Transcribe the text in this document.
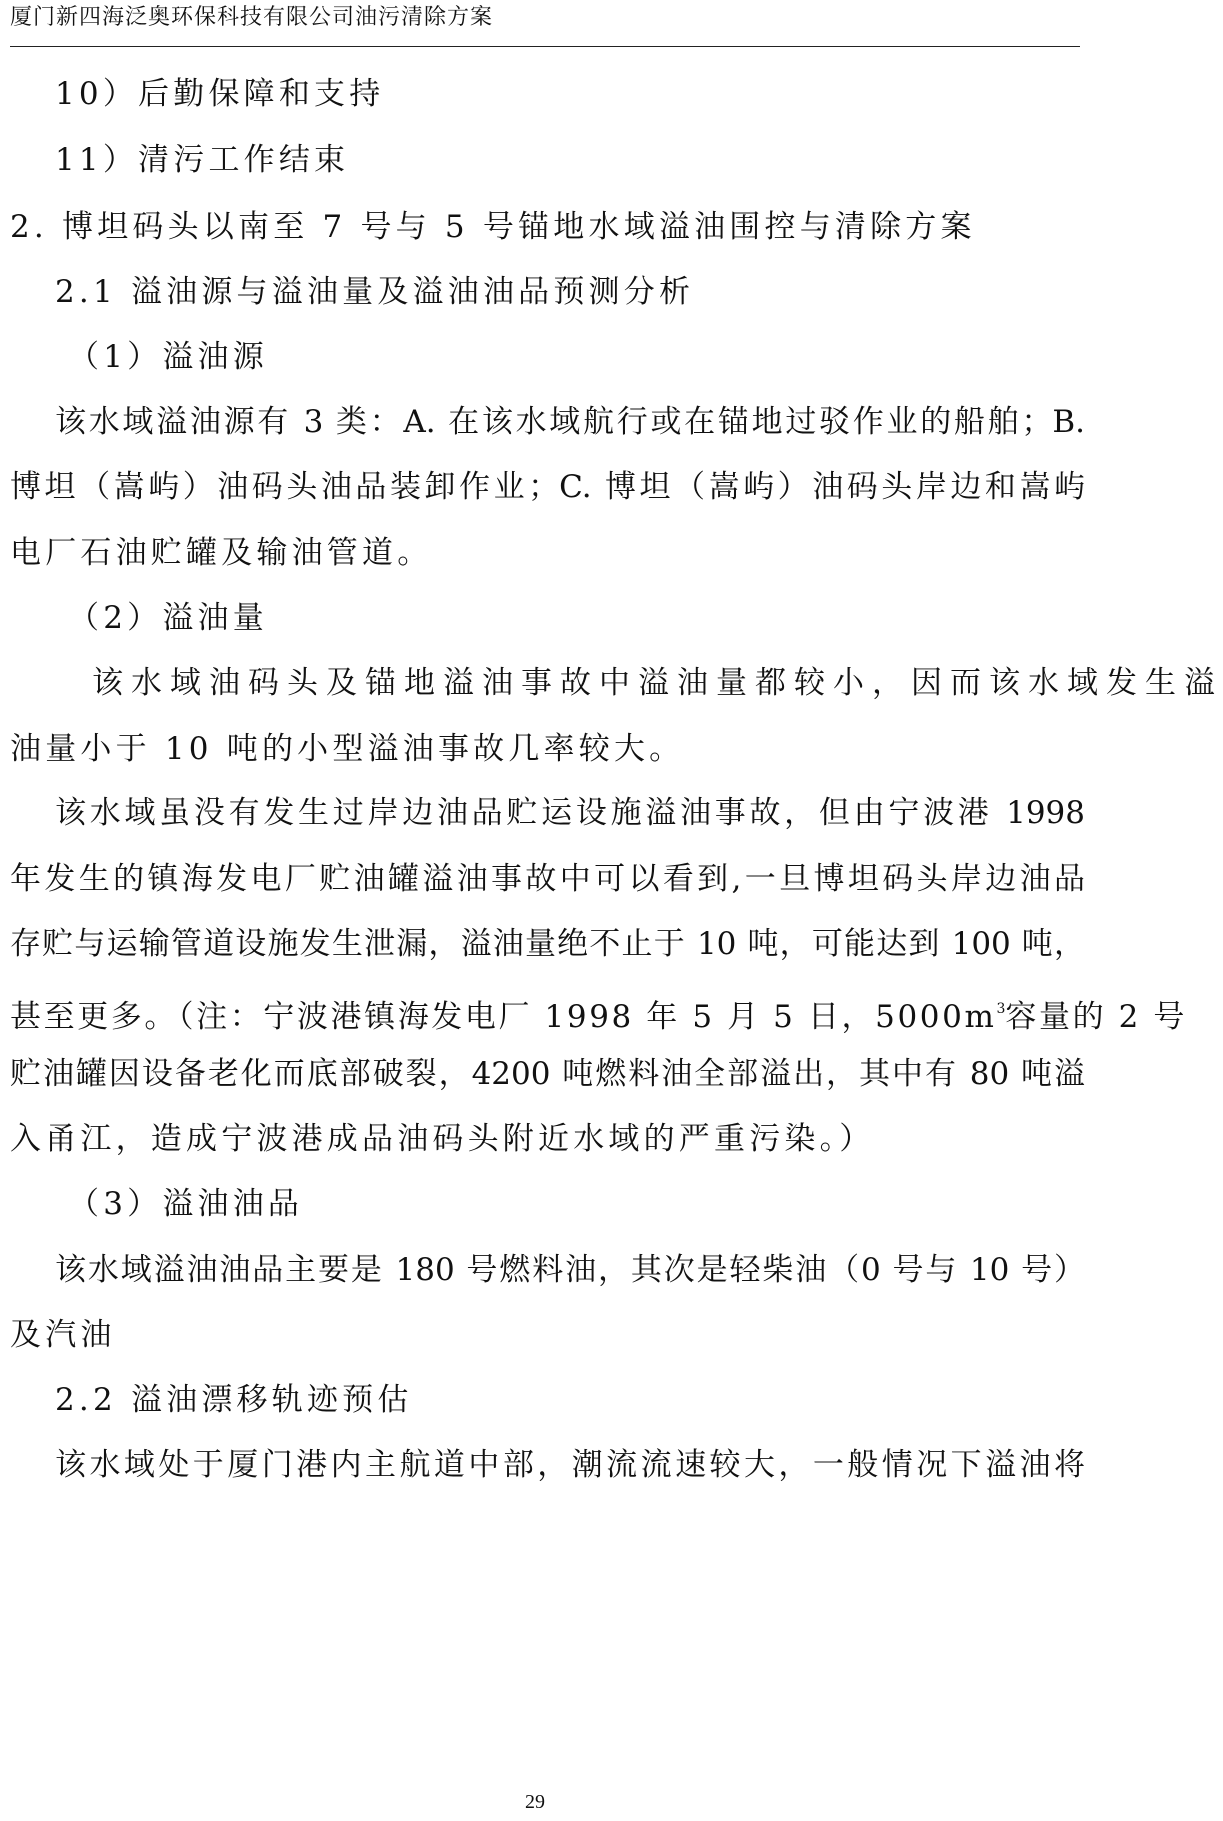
厦门新四海泛奥环保科技有限公司油污清除方案
10）后勤保障和支持
11）清污工作结束
2. 博坦码头以南至 7 号与 5 号锚地水域溢油围控与清除方案
2.1 溢油源与溢油量及溢油油品预测分析
（1）溢油源
该水域溢油源有 3 类：A. 在该水域航行或在锚地过驳作业的船舶；B.
博坦（嵩屿）油码头油品装卸作业；C. 博坦（嵩屿）油码头岸边和嵩屿
电厂石油贮罐及输油管道。
（2）溢油量
该水域油码头及锚地溢油事故中溢油量都较小，因而该水域发生溢
油量小于 10 吨的小型溢油事故几率较大。
该水域虽没有发生过岸边油品贮运设施溢油事故，但由宁波港 1998
年发生的镇海发电厂贮油罐溢油事故中可以看到,一旦博坦码头岸边油品
存贮与运输管道设施发生泄漏，溢油量绝不止于 10 吨，可能达到 100 吨，
甚至更多。（注：宁波港镇海发电厂 1998 年 5 月 5 日，$5000m^3$容量的 2 号
贮油罐因设备老化而底部破裂，4200 吨燃料油全部溢出，其中有 80 吨溢
入甬江，造成宁波港成品油码头附近水域的严重污染。）
（3）溢油油品
该水域溢油油品主要是 180 号燃料油，其次是轻柴油（0 号与 10 号）
及汽油
2.2 溢油漂移轨迹预估
该水域处于厦门港内主航道中部，潮流流速较大，一般情况下溢油将
29
